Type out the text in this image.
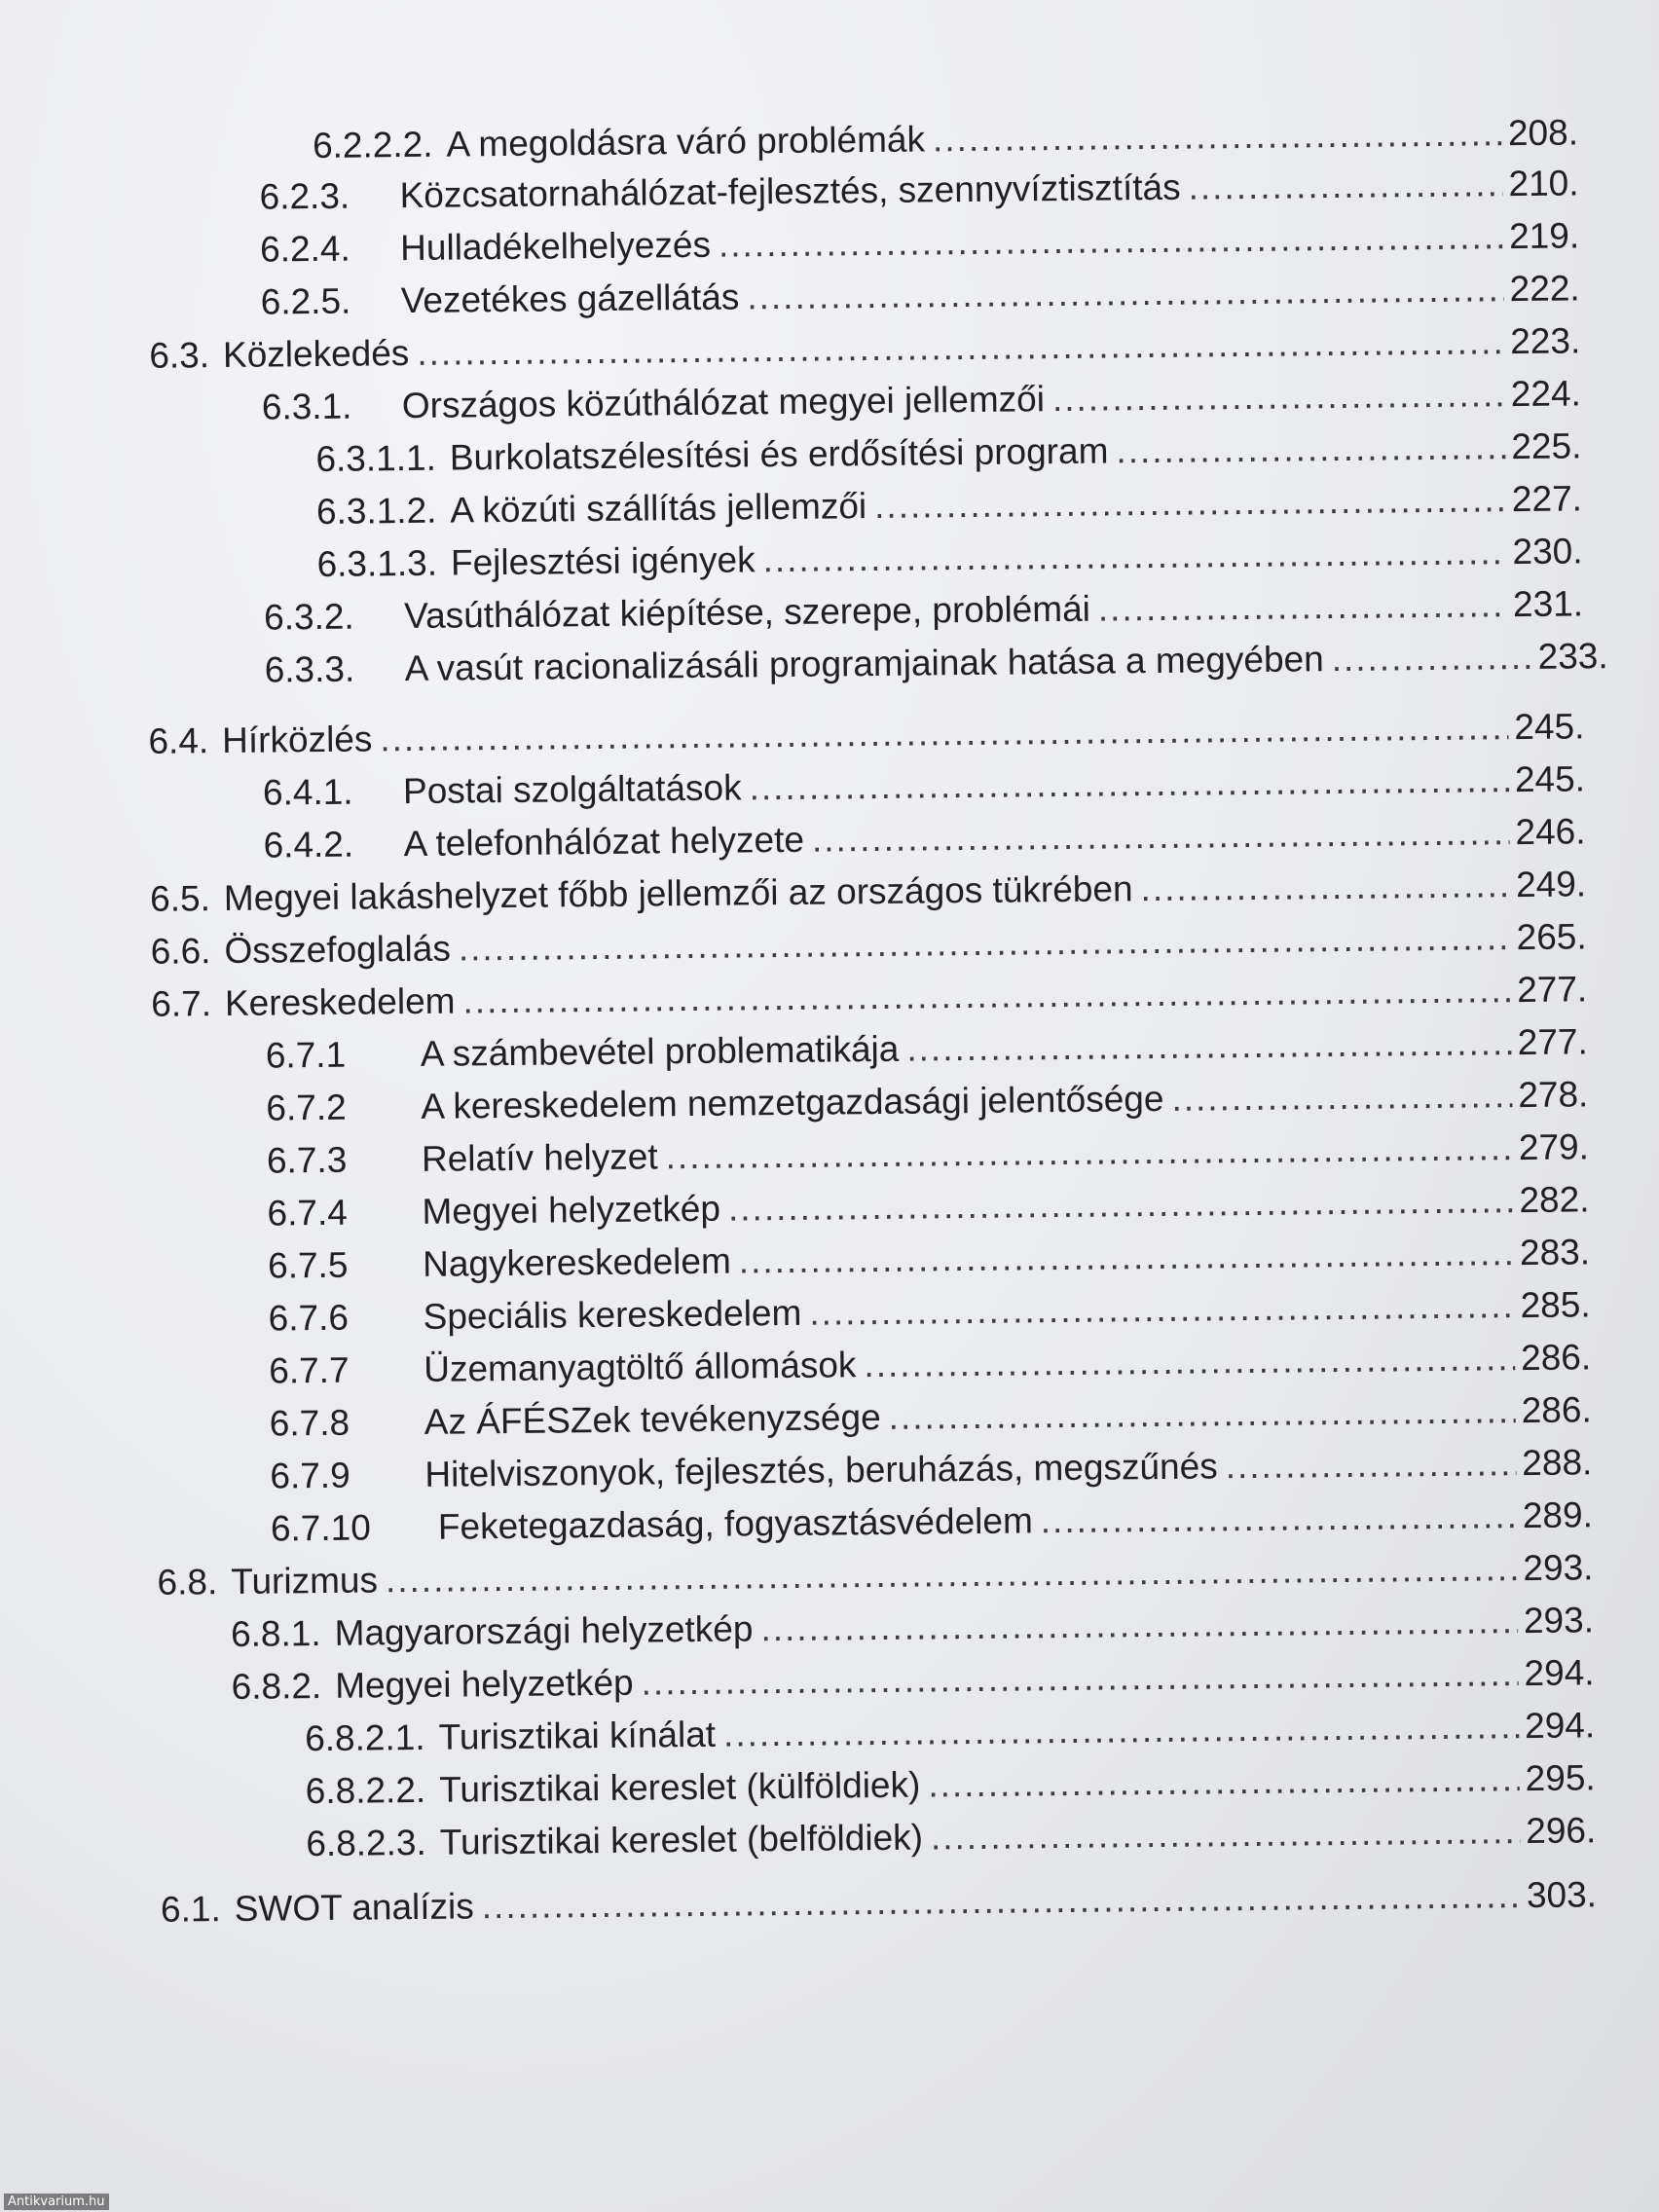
6.2.2.2. A megoldásra váró problémák .....	208.
6.2.3.	Közcsatornahálózat-fejlesztés, szennyvíztisztítás .....	210.
6.2.4.	Hulladékelhelyezés .....	219.
6.2.5.	Vezetékes gázellátás .....	222.
6.3. Közlekedés .....	223.
6.3.1.	Országos közúthálózat megyei jellemzői .....	224.
6.3.1.1. Burkolatszélesítési és erdősítési program .....	225.
6.3.1.2. A közúti szállítás jellemzői .....	227.
6.3.1.3. Fejlesztési igények .....	230.
6.3.2.	Vasúthálózat kiépítése, szerepe, problémái .....	231.
6.3.3.	A vasút racionalizásáli programjainak hatása a megyében .....	233.
6.4. Hírközlés .....	245.
6.4.1.	Postai szolgáltatások .....	245.
6.4.2.	A telefonhálózat helyzete .....	246.
6.5. Megyei lakáshelyzet főbb jellemzői az országos tükrében .....	249.
6.6. Összefoglalás .....	265.
6.7. Kereskedelem .....	277.
6.7.1	A számbevétel problematikája .....	277.
6.7.2	A kereskedelem nemzetgazdasági jelentősége .....	278.
6.7.3	Relatív helyzet .....	279.
6.7.4	Megyei helyzetkép .....	282.
6.7.5	Nagykereskedelem .....	283.
6.7.6	Speciális kereskedelem .....	285.
6.7.7	Üzemanyagtöltő állomások .....	286.
6.7.8	Az ÁFÉSZek tevékenyzsége .....	286.
6.7.9	Hitelviszonyok, fejlesztés, beruházás, megszűnés .....	288.
6.7.10	Feketegazdaság, fogyasztásvédelem .....	289.
6.8. Turizmus .....	293.
6.8.1. Magyarországi helyzetkép .....	293.
6.8.2. Megyei helyzetkép .....	294.
6.8.2.1. Turisztikai kínálat .....	294.
6.8.2.2. Turisztikai kereslet (külföldiek) .....	295.
6.8.2.3. Turisztikai kereslet (belföldiek) .....	296.
6.1. SWOT analízis .....	303.
Antikvarium.hu
